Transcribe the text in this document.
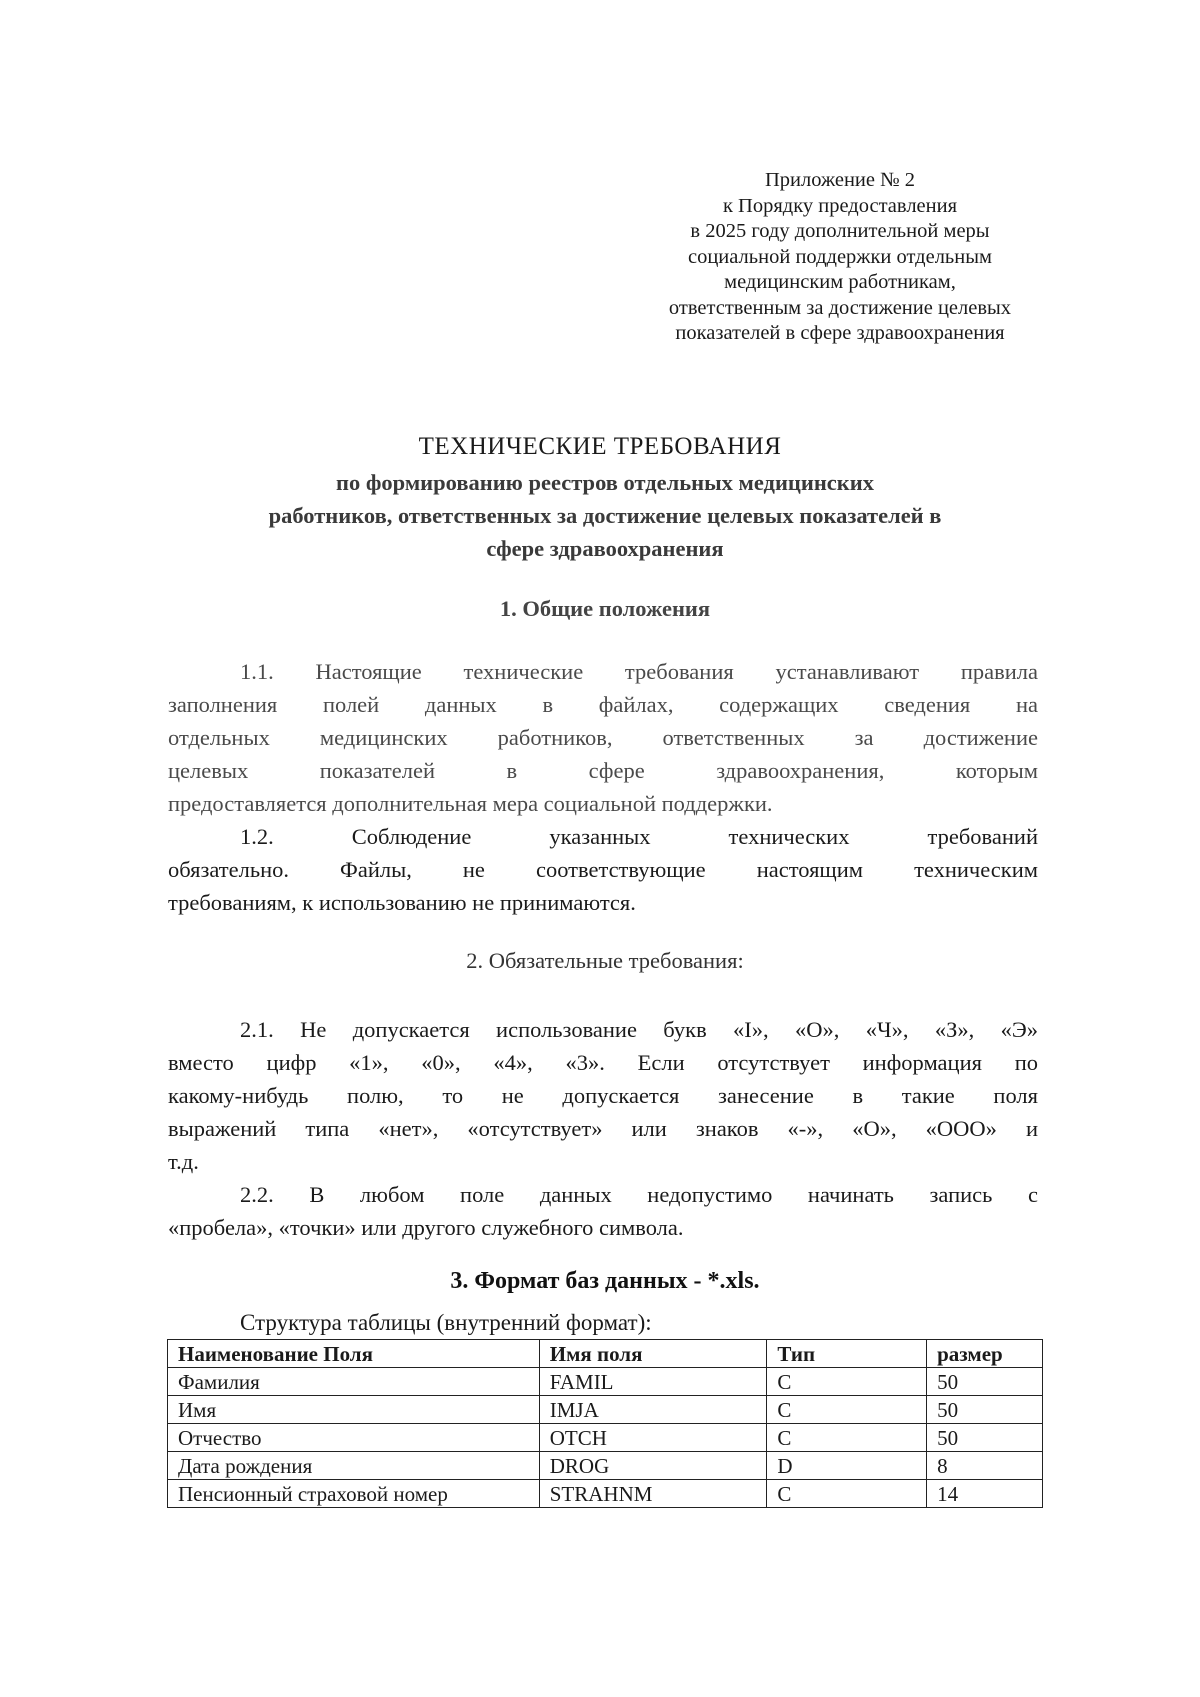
Приложение № 2
к Порядку предоставления
в 2025 году дополнительной меры
социальной поддержки отдельным
медицинским работникам,
ответственным за достижение целевых
показателей в сфере здравоохранения
ТЕХНИЧЕСКИЕ ТРЕБОВАНИЯ
по формированию реестров отдельных медицинских
работников, ответственных за достижение целевых показателей в
сфере здравоохранения
1. Общие положения
1.1. Настоящие технические требования устанавливают правила
заполнения полей данных в файлах, содержащих сведения на
отдельных медицинских работников, ответственных за достижение
целевых показателей в сфере здравоохранения, которым
предоставляется дополнительная мера социальной поддержки.
1.2. Соблюдение указанных технических требований
обязательно. Файлы, не соответствующие настоящим техническим
требованиям, к использованию не принимаются.
2. Обязательные требования:
2.1. Не допускается использование букв «I», «О», «Ч», «З», «Э»
вместо цифр «1», «0», «4», «3». Если отсутствует информация по
какому-нибудь полю, то не допускается занесение в такие поля
выражений типа «нет», «отсутствует» или знаков «-», «О», «ООО» и
т.д.
2.2. В любом поле данных недопустимо начинать запись с
«пробела», «точки» или другого служебного символа.
3. Формат баз данных - *.xls.
Структура таблицы (внутренний формат):
Наименование Поля	Имя поля	Тип	размер
Фамилия	FAMIL	C	50
Имя	IMJA	C	50
Отчество	OTCH	C	50
Дата рождения	DROG	D	8
Пенсионный страховой номер	STRAHNM	C	14
